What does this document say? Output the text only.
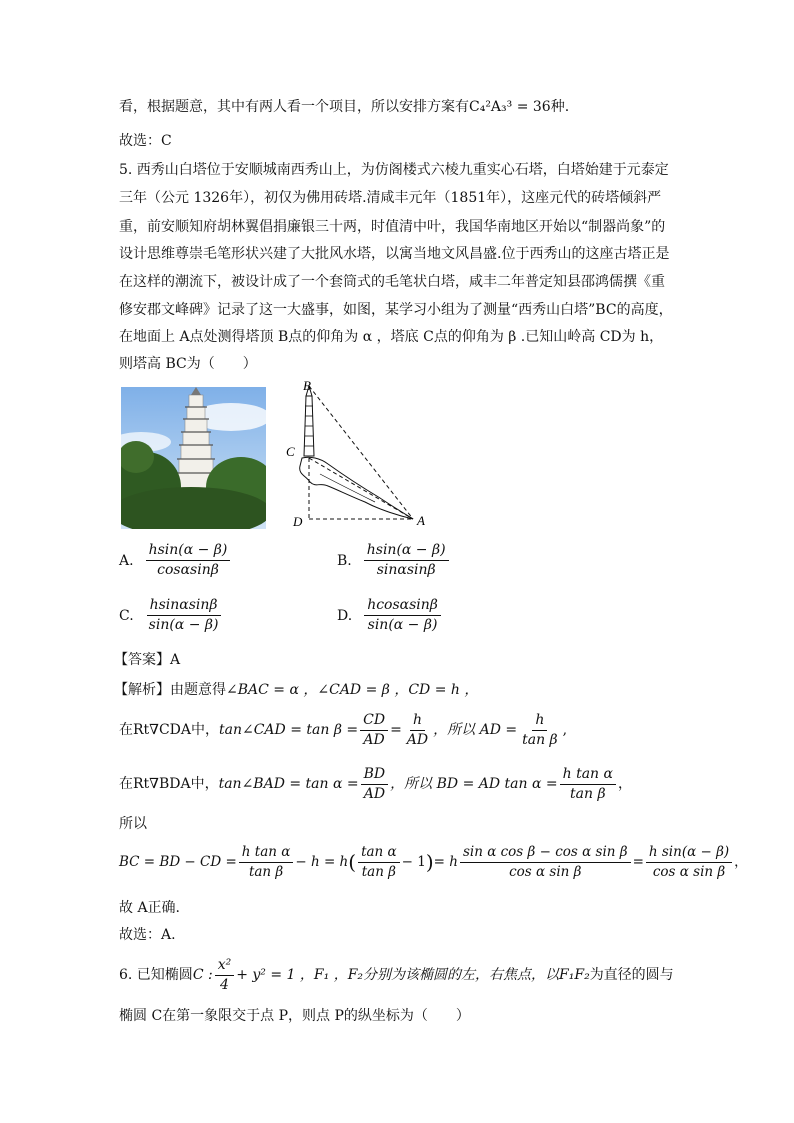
看，根据题意，其中有两人看一个项目，所以安排方案有C₄²A₃³ = 36种.
故选：C
5. 西秀山白塔位于安顺城南西秀山上，为仿阁楼式六棱九重实心石塔，白塔始建于元泰定
三年（公元 1326年），初仅为佛用砖塔.清咸丰元年（1851年），这座元代的砖塔倾斜严
重，前安顺知府胡林翼倡捐廉银三十两，时值清中叶，我国华南地区开始以“制器尚象”的
设计思维尊崇毛笔形状兴建了大批风水塔，以寓当地文风昌盛.位于西秀山的这座古塔正是
在这样的潮流下，被设计成了一个套筒式的毛笔状白塔，咸丰二年普定知县邵鸿儒撰《重
修安郡文峰碑》记录了这一大盛事，如图，某学习小组为了测量“西秀山白塔”BC的高度，
在地面上 A点处测得塔顶 B点的仰角为 α ，塔底 C点的仰角为 β .已知山岭高 CD为 h，
则塔高 BC为（　　）
B
C
D	A
A. $\frac{hsin(\alpha - \beta)}{\cos\alpha\sin\beta}$	B. $\frac{hsin(\alpha - \beta)}{\sin\alpha\sin\beta}$
C. $\frac{hsin\alpha\sin\beta}{\sin(\alpha - \beta)}$	D. $\frac{hcos\alpha\sin\beta}{\sin(\alpha - \beta)}$
【答案】A
【解析】由题意得∠BAC = α ，∠CAD = β ，CD = h ，
在Rt∇CDA中， tan∠CAD = $\tan \beta = \frac{CD}{AD} = \frac{h}{AD}$ ，所以 AD = $\frac{h}{\text{tan β}}$ ,
在Rt∇BDA中， tan∠BAD = $\tan \alpha = \frac{BD}{AD}$ ，所以 BD = AD $\tan \alpha = \frac{\text{h tan α}}{\text{tan β}}$ ，
所以
BC = BD − CD = $\frac{\text{h tan α}}{\text{tan β}} - h = h$ ( $\frac{\text{tan α}}{\text{tan β}} - 1$ ) = h $\frac{\text{sin α cos β − cos α sin β}}{\text{cos α sin β}} = \frac{\text{h sin(α − β)}}{\text{cos α sin β}}$ ，
故 A正确.
故选：A.
6. 已知椭圆 C : $\frac{\text{x²}}{4} + y^2 = 1$ ， F₁ ，F₂分别为该椭圆的左，右焦点，以 F₁F₂ 为直径的圆与
椭圆 C在第一象限交于点 P，则点 P的纵坐标为（　　）
